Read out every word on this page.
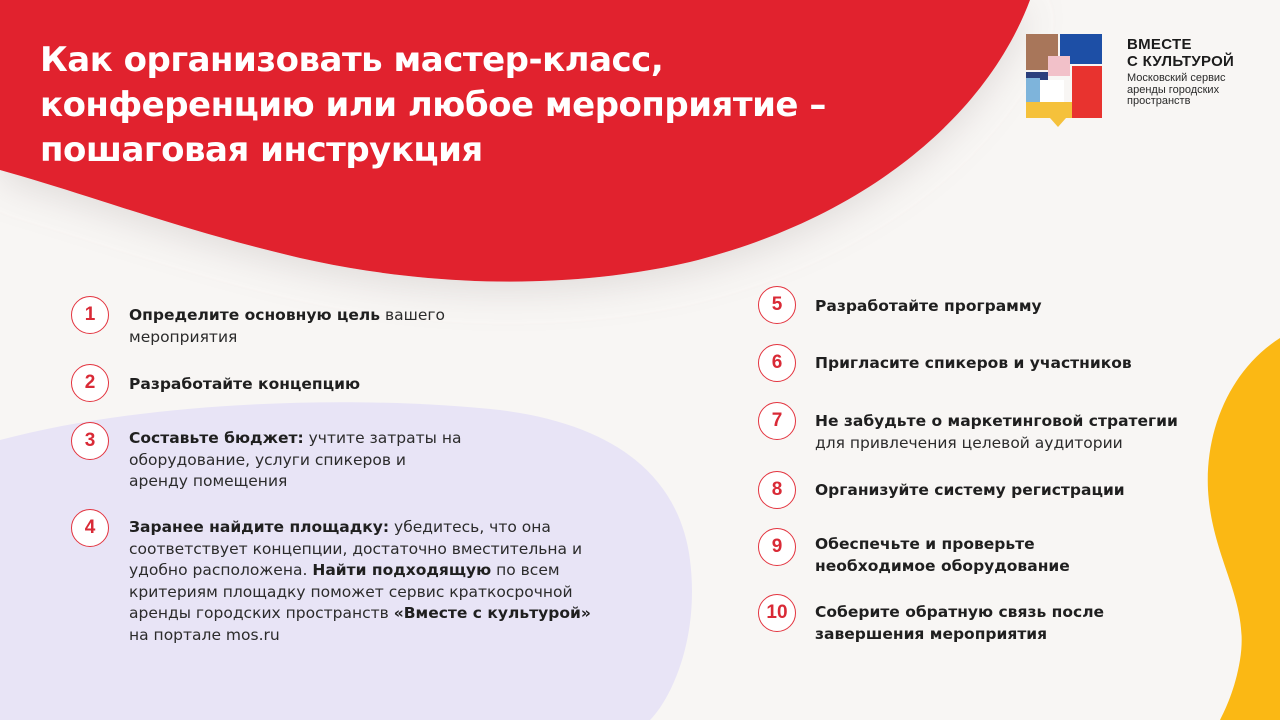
Как организовать мастер-класс,
конференцию или любое мероприятие –
пошаговая инструкция
ВМЕСТЕ
С КУЛЬТУРОЙ
Московский сервис аренды городских пространств
1	Определите основную цель вашего мероприятия
2	Разработайте концепцию
3	Составьте бюджет: учтите затраты на оборудование, услуги спикеров и аренду помещения
4	Заранее найдите площадку: убедитесь, что она соответствует концепции, достаточно вместительна и удобно расположена. Найти подходящую по всем критериям площадку поможет сервис краткосрочной аренды городских пространств «Вместе с культурой» на портале mos.ru
5	Разработайте программу
6	Пригласите спикеров и участников
7	Не забудьте о маркетинговой стратегии
для привлечения целевой аудитории
8	Организуйте систему регистрации
9	Обеспечьте и проверьте необходимое оборудование
10	Соберите обратную связь после завершения мероприятия
